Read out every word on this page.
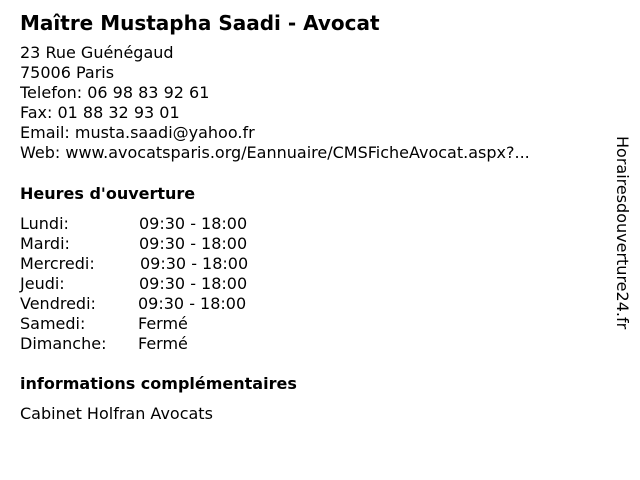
Maître Mustapha Saadi - Avocat
23 Rue Guénégaud
75006 Paris
Telefon: 06 98 83 92 61
Fax: 01 88 32 93 01
Email: musta.saadi@yahoo.fr
Web: www.avocatsparis.org/Eannuaire/CMSFicheAvocat.aspx?...
Heures d'ouverture
Lundi:	09:30 - 18:00
Mardi:	09:30 - 18:00
Mercredi:	09:30 - 18:00
Jeudi:	09:30 - 18:00
Vendredi:	09:30 - 18:00
Samedi:	Fermé
Dimanche: Fermé
informations complémentaires
Cabinet Holfran Avocats
Horairesdouverture24.fr
